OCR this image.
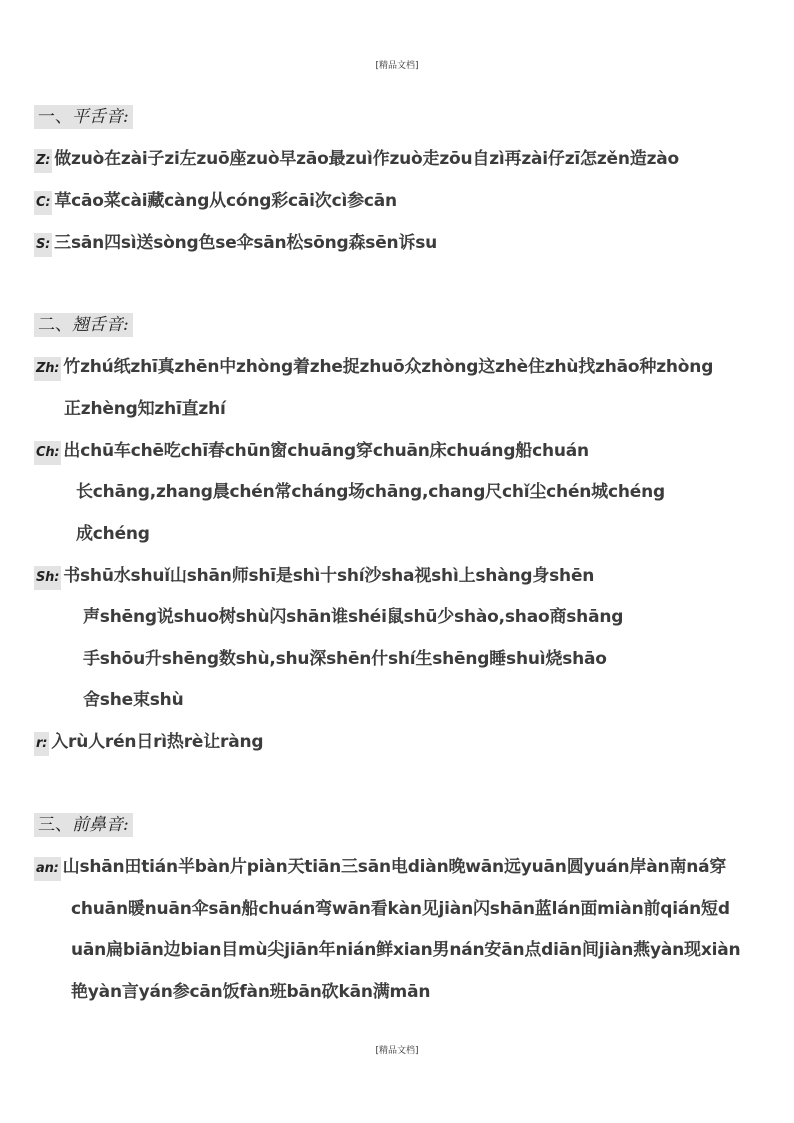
[精品文档]
一、平舌音:
Z: 做zuò在zài子zi左zuō座zuò早zāo最zuì作zuò走zōu自zì再zài仔zī怎zěn造zào
C: 草cāo菜cài藏càng从cóng彩cāi次cì参cān
S: 三sān四sì送sòng色se伞sān松sōng森sēn诉su
二、翘舌音:
Zh: 竹zhú纸zhī真zhēn中zhòng着zhe捉zhuō众zhòng这zhè住zhù找zhāo种zhòng
正zhèng知zhī直zhí
Ch: 出chū车chē吃chī春chūn窗chuāng穿chuān床chuáng船chuán
长chāng,zhang晨chén常cháng场chāng,chang尺chǐ尘chén城chéng
成chéng
Sh: 书shū水shuǐ山shān师shī是shì十shí沙sha视shì上shàng身shēn
声shēng说shuo树shù闪shān谁shéi鼠shū少shào,shao商shāng
手shōu升shēng数shù,shu深shēn什shí生shēng睡shuì烧shāo
舍she束shù
r: 入rù人rén日rì热rè让ràng
三、前鼻音:
an: 山shān田tián半bàn片piàn天tiān三sān电diàn晚wān远yuān圆yuán岸àn南ná穿
chuān暖nuān伞sān船chuán弯wān看kàn见jiàn闪shān蓝lán面miàn前qián短d
uān扁biān边bian目mù尖jiān年nián鲜xian男nán安ān点diān间jiàn燕yàn现xiàn
艳yàn言yán参cān饭fàn班bān砍kān满mān
[精品文档]
